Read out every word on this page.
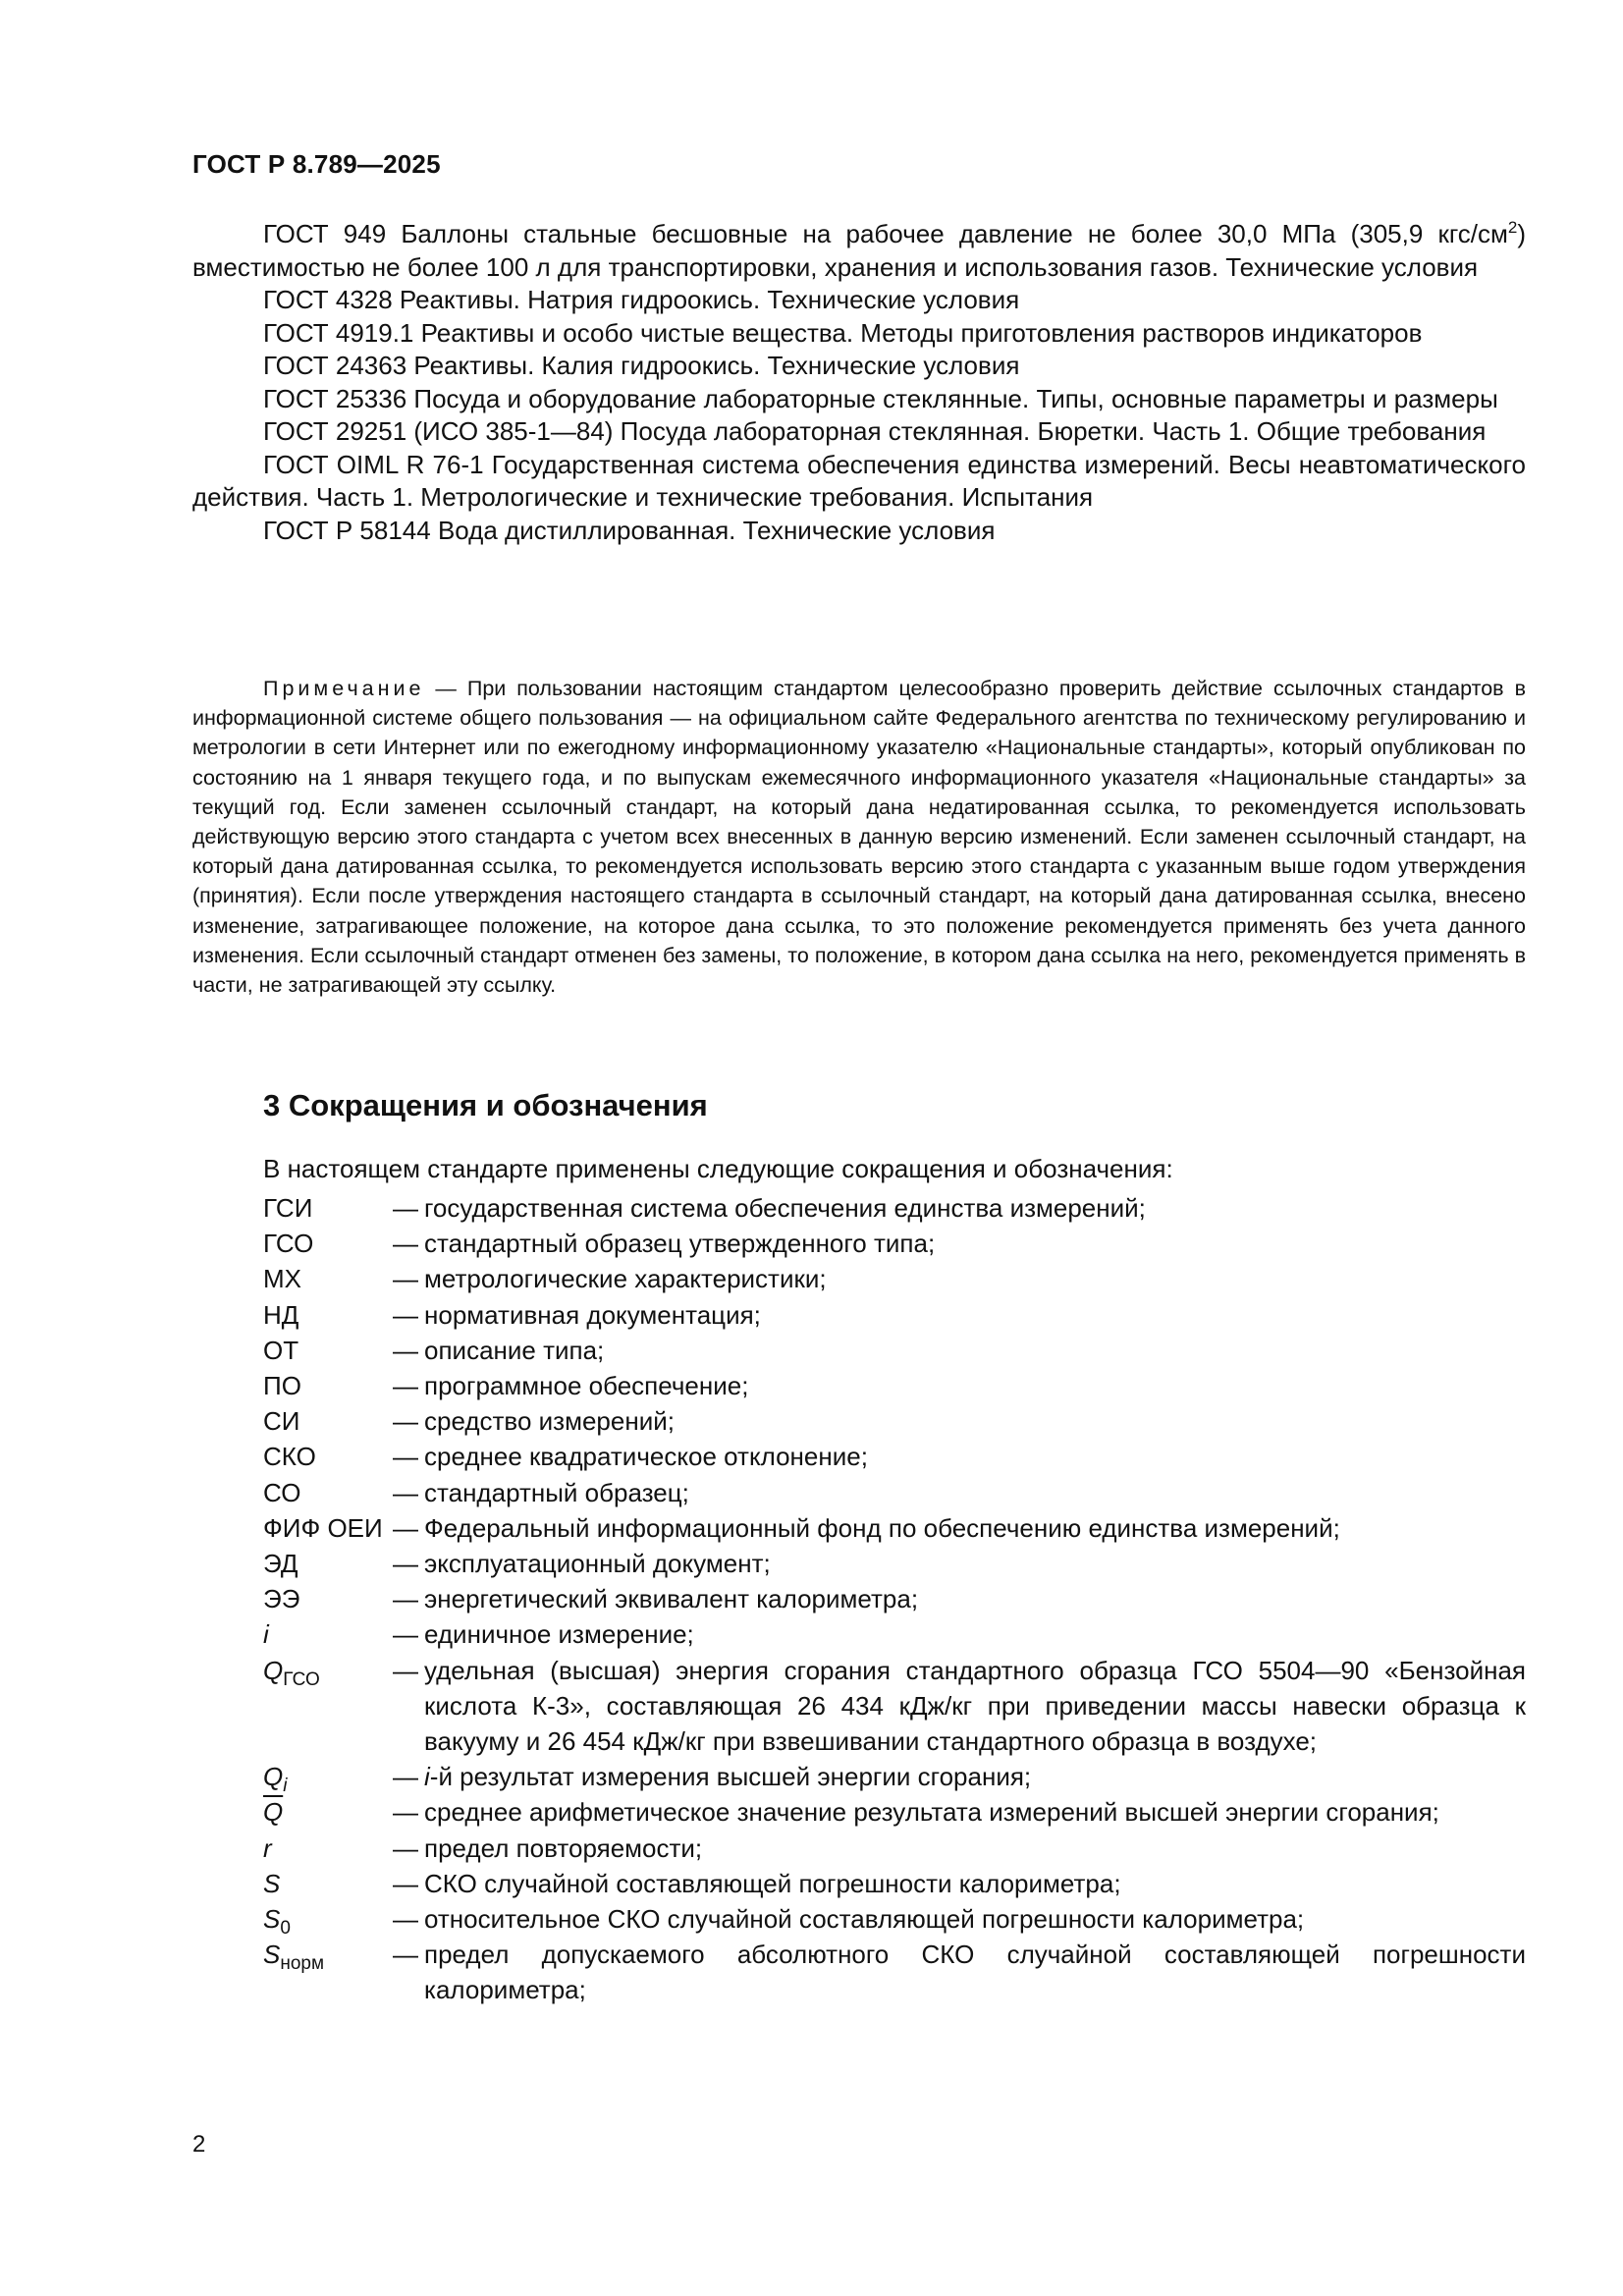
ГОСТ Р 8.789—2025

ГОСТ 949 Баллоны стальные бесшовные на рабочее давление не более 30,0 МПа (305,9 кгс/$см^2$) вместимостью не более 100 л для транспортировки, хранения и использования газов. Технические условия

ГОСТ 4328 Реактивы. Натрия гидроокись. Технические условия

ГОСТ 4919.1 Реактивы и особо чистые вещества. Методы приготовления растворов индикаторов

ГОСТ 24363 Реактивы. Калия гидроокись. Технические условия

ГОСТ 25336 Посуда и оборудование лабораторные стеклянные. Типы, основные параметры и размеры

ГОСТ 29251 (ИСО 385-1—84) Посуда лабораторная стеклянная. Бюретки. Часть 1. Общие требования

ГОСТ OIML R 76-1 Государственная система обеспечения единства измерений. Весы неавтоматического действия. Часть 1. Метрологические и технические требования. Испытания

ГОСТ Р 58144 Вода дистиллированная. Технические условия

Примечание — При пользовании настоящим стандартом целесообразно проверить действие ссылочных стандартов в информационной системе общего пользования — на официальном сайте Федерального агентства по техническому регулированию и метрологии в сети Интернет или по ежегодному информационному указателю «Национальные стандарты», который опубликован по состоянию на 1 января текущего года, и по выпускам ежемесячного информационного указателя «Национальные стандарты» за текущий год. Если заменен ссылочный стандарт, на который дана недатированная ссылка, то рекомендуется использовать действующую версию этого стандарта с учетом всех внесенных в данную версию изменений. Если заменен ссылочный стандарт, на который дана датированная ссылка, то рекомендуется использовать версию этого стандарта с указанным выше годом утверждения (принятия). Если после утверждения настоящего стандарта в ссылочный стандарт, на который дана датированная ссылка, внесено изменение, затрагивающее положение, на которое дана ссылка, то это положение рекомендуется применять без учета данного изменения. Если ссылочный стандарт отменен без замены, то положение, в котором дана ссылка на него, рекомендуется применять в части, не затрагивающей эту ссылку.
3 Сокращения и обозначения
В настоящем стандарте применены следующие сокращения и обозначения:
ГСИ	— государственная система обеспечения единства измерений;
ГСО	— стандартный образец утвержденного типа;
МХ	— метрологические характеристики;
НД	— нормативная документация;
ОТ	— описание типа;
ПО	— программное обеспечение;
СИ	— средство измерений;
СКО	— среднее квадратическое отклонение;
СО	— стандартный образец;
ФИФ ОЕИ — Федеральный информационный фонд по обеспечению единства измерений;
ЭД	— эксплуатационный документ;
ЭЭ	— энергетический эквивалент калориметра;
i	— единичное измерение;
$Q_{ГСО}$	— удельная (высшая) энергия сгорания стандартного образца ГСО 5504—90 «Бензойная кислота К-3», составляющая 26 434 кДж/кг при приведении массы навески образца к вакууму и 26 454 кДж/кг при взвешивании стандартного образца в воздухе;
$Q_i$	— i-й результат измерения высшей энергии сгорания;
$\overline{Q}$	— среднее арифметическое значение результата измерений высшей энергии сгорания;
r	— предел повторяемости;
S	— СКО случайной составляющей погрешности калориметра;
$S_0$	— относительное СКО случайной составляющей погрешности калориметра;
$S_{норм}$	— предел допускаемого абсолютного СКО случайной составляющей погрешности калориметра;
2
